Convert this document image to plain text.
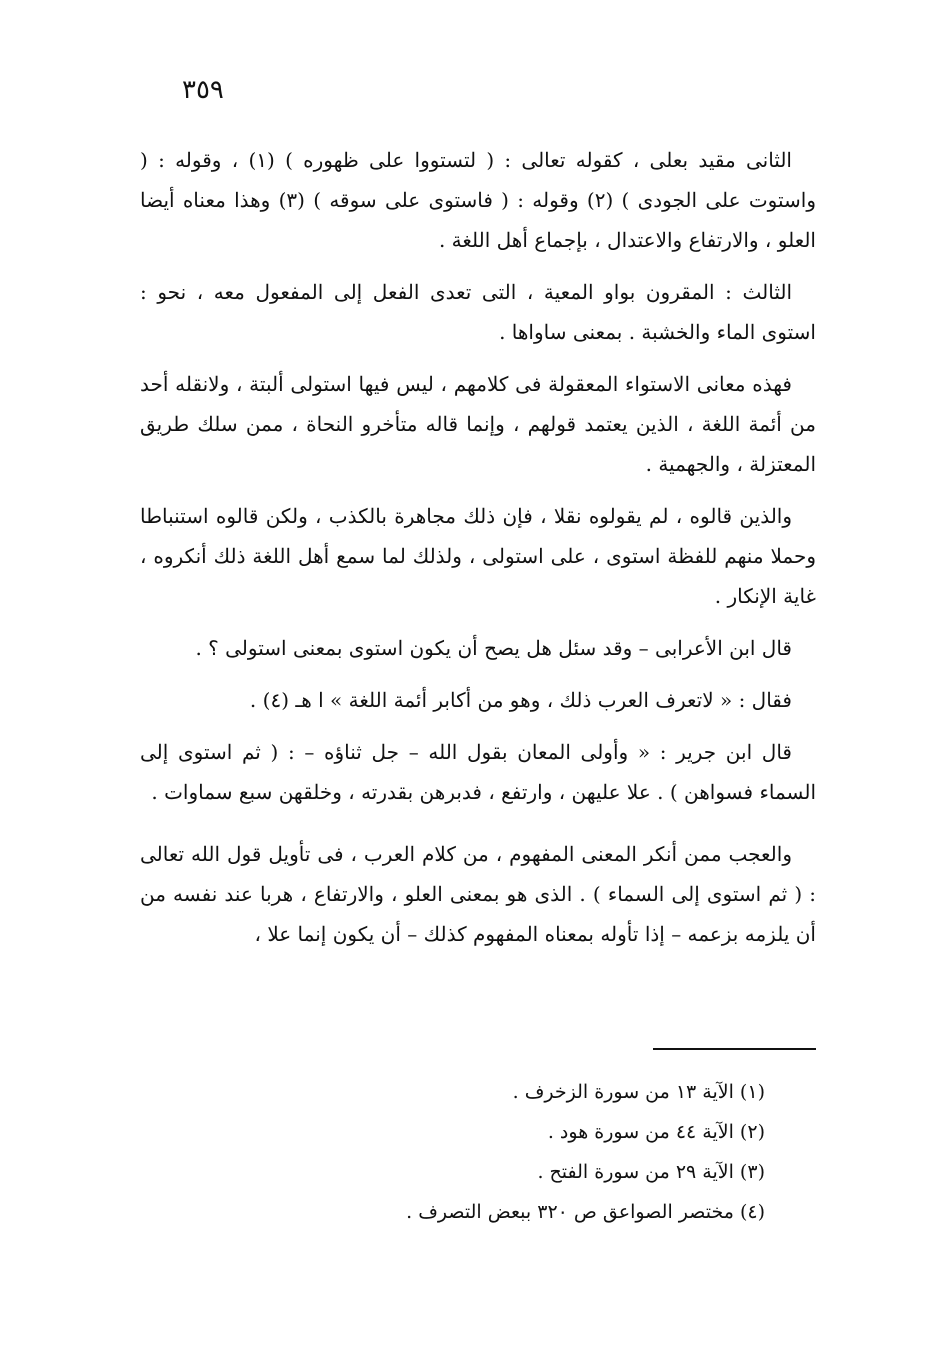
٣٥٩

الثانى مقيد بعلى ، كقوله تعالى : ( لتستووا على ظهوره ) (١) ، وقوله : ( واستوت على الجودى ) (٢) وقوله : ( فاستوى على سوقه ) (٣) وهذا معناه أيضا العلو ، والارتفاع والاعتدال ، بإجماع أهل اللغة .

الثالث : المقرون بواو المعية ، التى تعدى الفعل إلى المفعول معه ، نحو : استوى الماء والخشبة . بمعنى ساواها .

فهذه معانى الاستواء المعقولة فى كلامهم ، ليس فيها استولى ألبتة ، ولانقله أحد من أئمة اللغة ، الذين يعتمد قولهم ، وإنما قاله متأخرو النحاة ، ممن سلك طريق المعتزلة ، والجهمية .

والذين قالوه ، لم يقولوه نقلا ، فإن ذلك مجاهرة بالكذب ، ولكن قالوه استنباطا وحملا منهم للفظة استوى ، على استولى ، ولذلك لما سمع أهل اللغة ذلك أنكروه ، غاية الإنكار .

قال ابن الأعرابى – وقد سئل هل يصح أن يكون استوى بمعنى استولى ؟ .

فقال : « لاتعرف العرب ذلك ، وهو من أكابر أئمة اللغة » ا هـ (٤) .

قال ابن جرير : « وأولى المعان بقول الله – جل ثناؤه – : ( ثم استوى إلى السماء فسواهن ) . علا عليهن ، وارتفع ، فدبرهن بقدرته ، وخلقهن سبع سماوات .

والعجب ممن أنكر المعنى المفهوم ، من كلام العرب ، فى تأويل قول الله تعالى : ( ثم استوى إلى السماء ) . الذى هو بمعنى العلو ، والارتفاع ، هربا عند نفسه من أن يلزمه بزعمه – إذا تأوله بمعناه المفهوم كذلك – أن يكون إنما علا ،

(١) الآية ١٣ من سورة الزخرف .

(٢) الآية ٤٤ من سورة هود .

(٣) الآية ٢٩ من سورة الفتح .

(٤) مختصر الصواعق ص ٣٢٠ ببعض التصرف .
